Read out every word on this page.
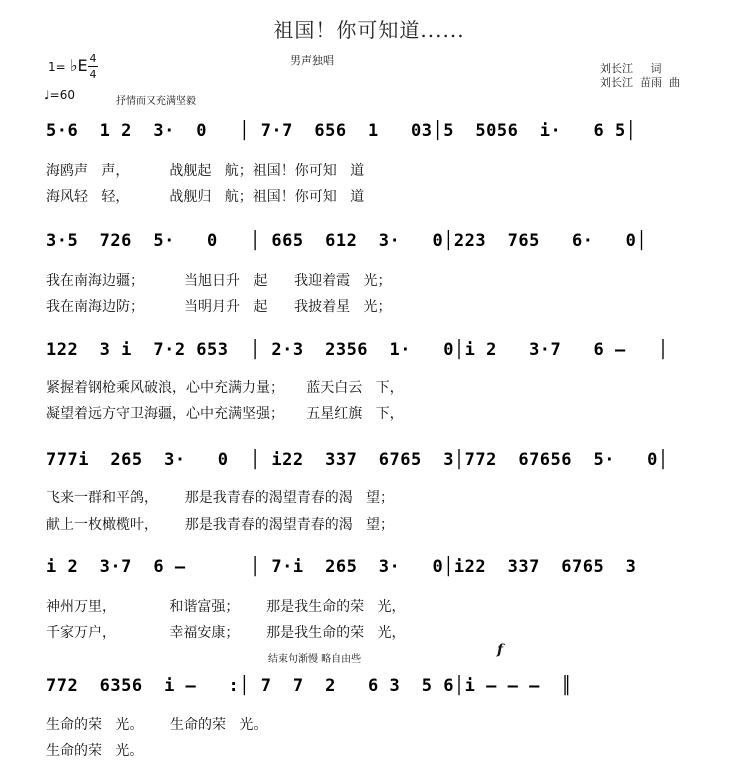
祖国！你可知道......
男声独唱
刘长江     词
刘长江  苗雨  曲
1= ♭E 4
4
♩=60	抒情而又充满坚毅
5·6  1 2  3·  0   │ 7·7  656  1   03│5  5056  i·   6 5│
海鸥声   声，         战舰起   航；祖国！你可知   道
海风轻   轻，         战舰归   航；祖国！你可知   道
3·5  726  5·   0   │ 665  612  3·   0│223  765   6·   0│
我在南海边疆；         当旭日升   起      我迎着霞   光；
我在南海边防；         当明月升   起      我披着星   光；
122  3 i  7·2 653  │ 2·3  2356  1·   0│i 2   3·7   6 —   │
紧握着钢枪乘风破浪，心中充满力量；     蓝天白云   下，
凝望着远方守卫海疆，心中充满坚强；     五星红旗   下，
777i  265  3·   0  │ i22  337  6765  3│772  67656  5·   0│
飞来一群和平鸽，      那是我青春的渴望青春的渴   望；
献上一枚橄榄叶，      那是我青春的渴望青春的渴   望；
i 2  3·7  6 —      │ 7·i  265  3·   0│i22  337  6765  3
神州万里，            和谐富强；      那是我生命的荣   光，
千家万户，            幸福安康；      那是我生命的荣   光，
结束句渐慢 略自由些
f
772  6356  i —   :│ 7  7  2   6 3  5 6│i — — —  ║
生命的荣   光。      生命的荣   光。
生命的荣   光。
